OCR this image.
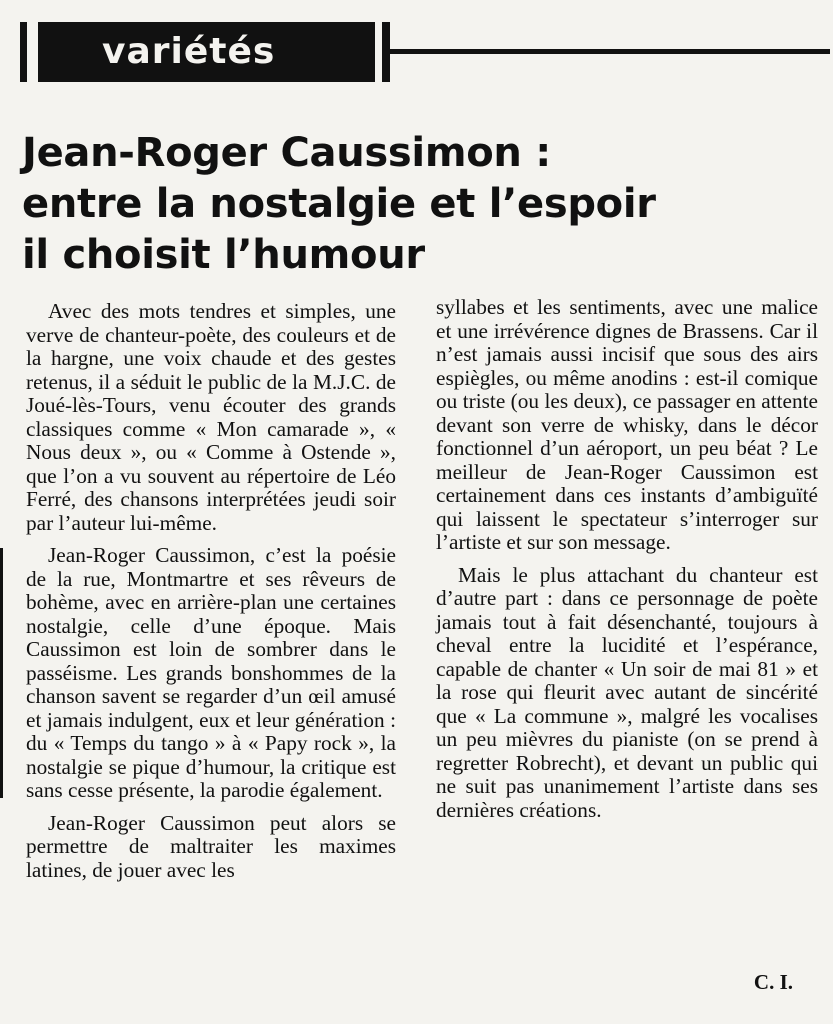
variétés
Jean-Roger Caussimon :
entre la nostalgie et l’espoir
il choisit l’humour

Avec des mots tendres et simples, une verve de chanteur-poète, des couleurs et de la hargne, une voix chaude et des gestes retenus, il a séduit le public de la M.J.C. de Joué-lès-Tours, venu écouter des grands classiques comme « Mon camarade », « Nous deux », ou « Comme à Ostende », que l’on a vu souvent au répertoire de Léo Ferré, des chansons interprétées jeudi soir par l’auteur lui-même.

Jean-Roger Caussimon, c’est la poésie de la rue, Montmartre et ses rêveurs de bohème, avec en arrière-plan une certaines nostalgie, celle d’une époque. Mais Caussimon est loin de sombrer dans le passéisme. Les grands bonshommes de la chanson savent se regarder d’un œil amusé et jamais indulgent, eux et leur génération : du « Temps du tango » à « Papy rock », la nostalgie se pique d’humour, la critique est sans cesse présente, la parodie également.

Jean-Roger Caussimon peut alors se permettre de maltraiter les maximes latines, de jouer avec les

syllabes et les sentiments, avec une malice et une irrévérence dignes de Brassens. Car il n’est jamais aussi incisif que sous des airs espiègles, ou même anodins : est-il comique ou triste (ou les deux), ce passager en attente devant son verre de whisky, dans le décor fonctionnel d’un aéroport, un peu béat ? Le meilleur de Jean-Roger Caussimon est certainement dans ces instants d’ambiguïté qui laissent le spectateur s’interroger sur l’artiste et sur son message.

Mais le plus attachant du chanteur est d’autre part : dans ce personnage de poète jamais tout à fait désenchanté, toujours à cheval entre la lucidité et l’espérance, capable de chanter « Un soir de mai 81 » et la rose qui fleurit avec autant de sincérité que « La commune », malgré les vocalises un peu mièvres du pianiste (on se prend à regretter Robrecht), et devant un public qui ne suit pas unanimement l’artiste dans ses dernières créations.

C. I.
